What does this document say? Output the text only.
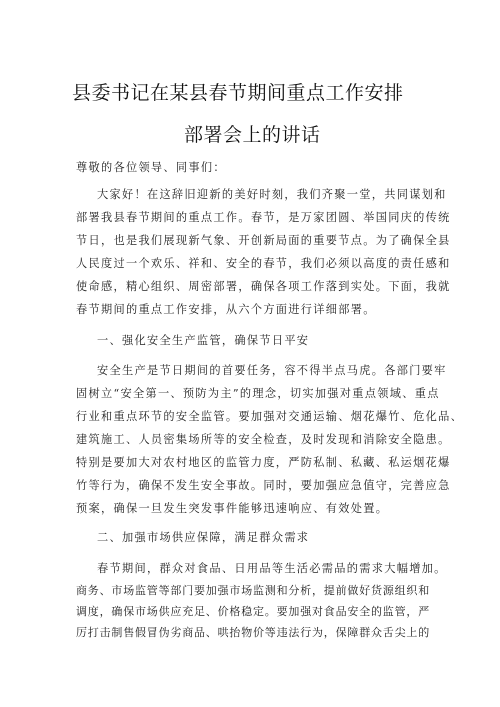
县委书记在某县春节期间重点工作安排
部署会上的讲话
尊敬的各位领导、同事们：
大家好！在这辞旧迎新的美好时刻，我们齐聚一堂，共同谋划和
部署我县春节期间的重点工作。春节，是万家团圆、举国同庆的传统
节日，也是我们展现新气象、开创新局面的重要节点。为了确保全县
人民度过一个欢乐、祥和、安全的春节，我们必须以高度的责任感和
使命感，精心组织、周密部署，确保各项工作落到实处。下面，我就
春节期间的重点工作安排，从六个方面进行详细部署。
一、强化安全生产监管，确保节日平安
安全生产是节日期间的首要任务，容不得半点马虎。各部门要牢
固树立“安全第一、预防为主”的理念，切实加强对重点领域、重点
行业和重点环节的安全监管。要加强对交通运输、烟花爆竹、危化品、
建筑施工、人员密集场所等的安全检查，及时发现和消除安全隐患。
特别是要加大对农村地区的监管力度，严防私制、私藏、私运烟花爆
竹等行为，确保不发生安全事故。同时，要加强应急值守，完善应急
预案，确保一旦发生突发事件能够迅速响应、有效处置。
二、加强市场供应保障，满足群众需求
春节期间，群众对食品、日用品等生活必需品的需求大幅增加。
商务、市场监管等部门要加强市场监测和分析，提前做好货源组织和
调度，确保市场供应充足、价格稳定。要加强对食品安全的监管，严
厉打击制售假冒伪劣商品、哄抬物价等违法行为，保障群众舌尖上的
